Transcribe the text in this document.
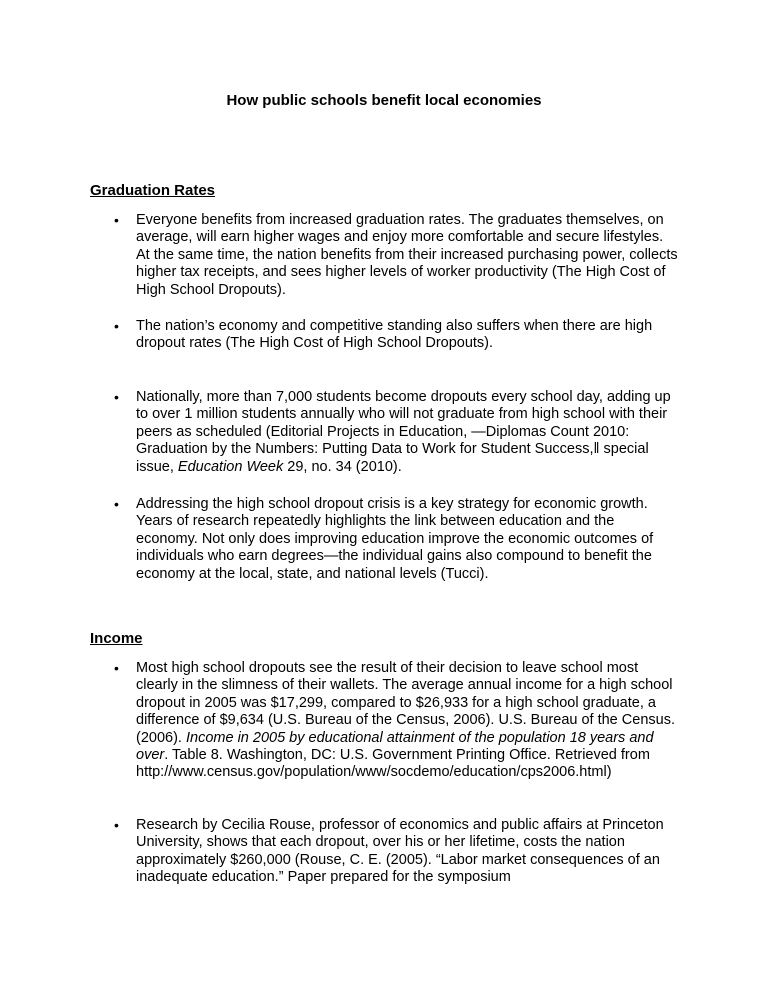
How public schools benefit local economies
Graduation Rates
• Everyone benefits from increased graduation rates. The graduates themselves, on average, will earn higher wages and enjoy more comfortable and secure lifestyles. At the same time, the nation benefits from their increased purchasing power, collects higher tax receipts, and sees higher levels of worker productivity (The High Cost of High School Dropouts).
• The nation’s economy and competitive standing also suffers when there are high dropout rates (The High Cost of High School Dropouts).
• Nationally, more than 7,000 students become dropouts every school day, adding up to over 1 million students annually who will not graduate from high school with their peers as scheduled (Editorial Projects in Education, ―Diplomas Count 2010: Graduation by the Numbers: Putting Data to Work for Student Success,‖ special issue, Education Week 29, no. 34 (2010).
• Addressing the high school dropout crisis is a key strategy for economic growth. Years of research repeatedly highlights the link between education and the economy. Not only does improving education improve the economic outcomes of individuals who earn degrees—the individual gains also compound to benefit the economy at the local, state, and national levels (Tucci).
Income
• Most high school dropouts see the result of their decision to leave school most clearly in the slimness of their wallets. The average annual income for a high school dropout in 2005 was $17,299, compared to $26,933 for a high school graduate, a difference of $9,634 (U.S. Bureau of the Census, 2006). U.S. Bureau of the Census. (2006). Income in 2005 by educational attainment of the population 18 years and over. Table 8. Washington, DC: U.S. Government Printing Office. Retrieved from http://www.census.gov/population/www/socdemo/education/cps2006.html)
• Research by Cecilia Rouse, professor of economics and public affairs at Princeton University, shows that each dropout, over his or her lifetime, costs the nation approximately $260,000 (Rouse, C. E. (2005). “Labor market consequences of an inadequate education.” Paper prepared for the symposium
